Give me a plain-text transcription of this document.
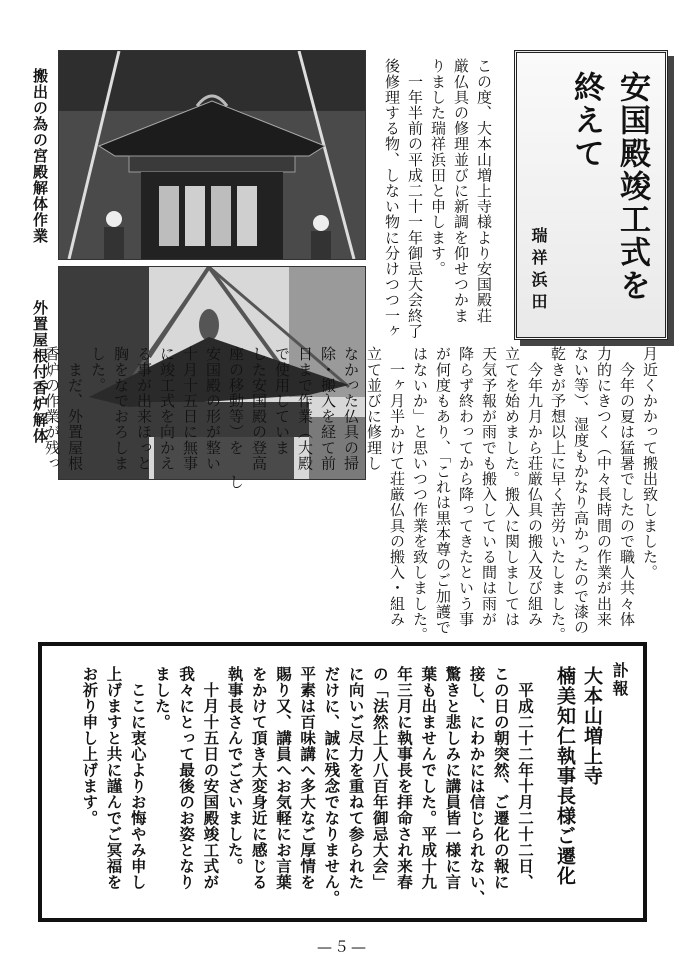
安国殿竣工式を終えて
瑞祥浜田
搬出の為の宮殿解体作業
外置屋根付香炉解体

この度、大本山増上寺様より安国殿荘

厳仏具の修理並びに新調を仰せつかま

りました瑞祥浜田と申します。

　一年半前の平成二十一年御忌大会終了

後修理する物、しない物に分けつつ一ヶ

月近くかかって搬出致しました。

　今年の夏は猛暑でしたので職人共々体

力的にきつく（中々長時間の作業が出来

ない等）、湿度もかなり高かったので漆の

乾きが予想以上に早く苦労いたしました。

　今年九月から荘厳仏具の搬入及び組み

立てを始めました。搬入に関しましては

天気予報が雨でも搬入している間は雨が

降らず終わってから降ってきたという事

が何度もあり、「これは黒本尊のご加護で

はないか」と思いつつ作業を致しました。

　一ヶ月半かけて荘厳仏具の搬入・組み

立て並びに修理し

なかった仏具の掃

除・搬入を経て前

日まで作業（大殿

で使用していま

した安国殿の登高

座の移動等）を し

安国殿の形が整い

十月十五日に無事

に竣工式を向かえ

る事が出来ほっと

胸をなでおろしま

した。

　まだ、外置屋根

香炉の作業が残っ

訃報

大本山増上寺

楠美知仁執事長様ご遷化

　平成二十二年十月二十二日、

この日の朝突然、ご遷化の報に

接し、にわかには信じられない、

驚きと悲しみに講員皆一様に言

葉も出ませんでした。平成十九

年三月に執事長を拝命され来春

の「法然上人八百年御忌大会」

に向いご尽力を重ねて参られた

だけに、誠に残念でなりません。

平素は百味講へ多大なご厚情を

賜り又、講員へお気軽にお言葉

をかけて頂き大変身近に感じる

執事長さんでございました。

　十月十五日の安国殿竣工式が

我々にとって最後のお姿となり

ました。

　ここに衷心よりお悔やみ申し

上げますと共に謹んでご冥福を

お祈り申し上げます。

—５—
